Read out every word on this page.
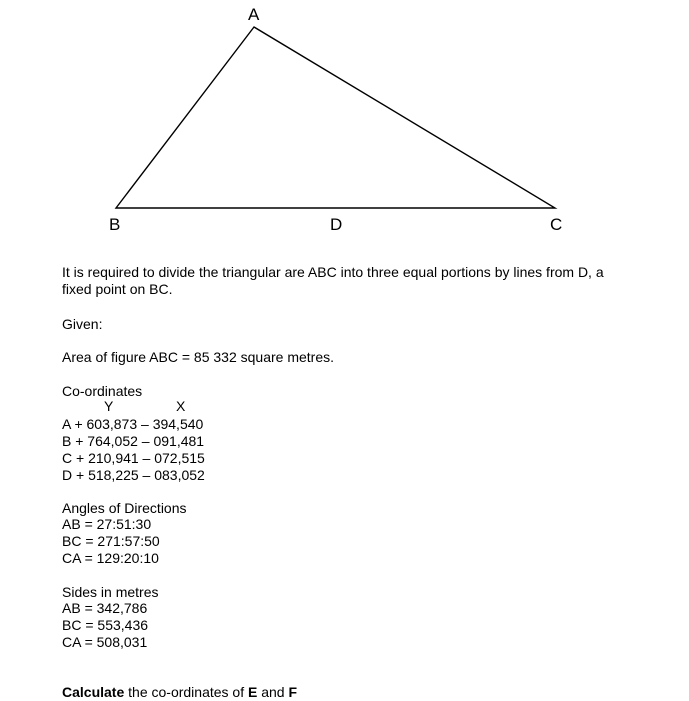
A
B	D	C
It is required to divide the triangular are ABC into three equal portions by lines from D, a fixed point on BC.
Given:
Area of figure ABC = 85 332 square metres.
Co-ordinates
Y	X
A + 603,873 – 394,540
B + 764,052 – 091,481
C + 210,941 – 072,515
D + 518,225 – 083,052
Angles of Directions
AB = 27:51:30
BC = 271:57:50
CA = 129:20:10
Sides in metres
AB = 342,786
BC = 553,436
CA = 508,031
Calculate the co-ordinates of E and F
